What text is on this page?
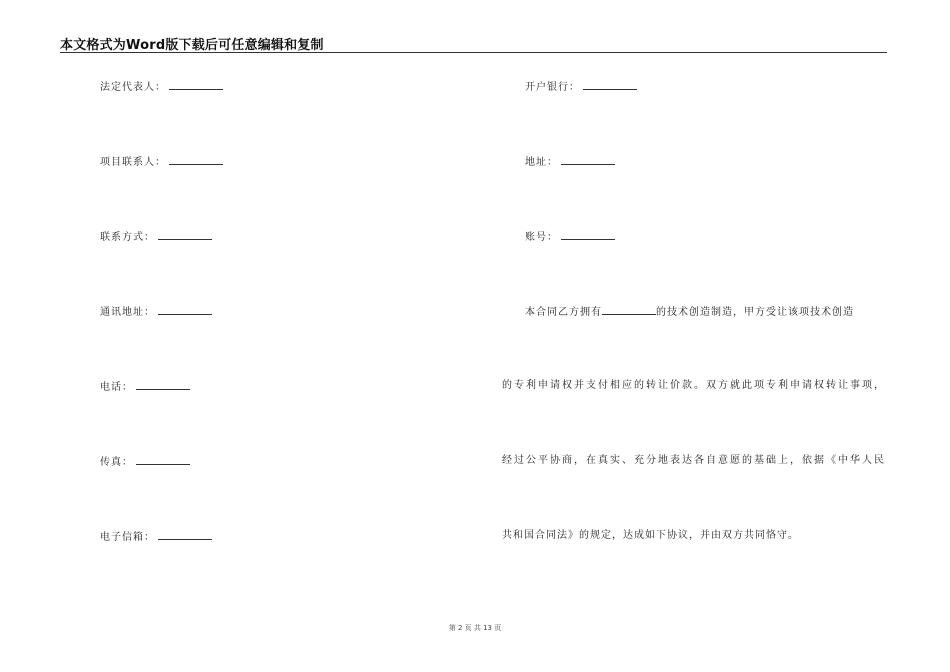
本文格式为Word版下载后可任意编辑和复制
法定代表人：
项目联系人：
联系方式：
通讯地址：
电话：
传真：
电子信箱：
开户银行：
地址：
账号：
本合同乙方拥有	的技术创造制造，甲方受让该项技术创造
的专利申请权并支付相应的转让价款。双方就此项专利申请权转让事项，
经过公平协商，在真实、充分地表达各自意愿的基础上，依据《中华人民
共和国合同法》的规定，达成如下协议，并由双方共同恪守。
第 2 页 共 13 页
